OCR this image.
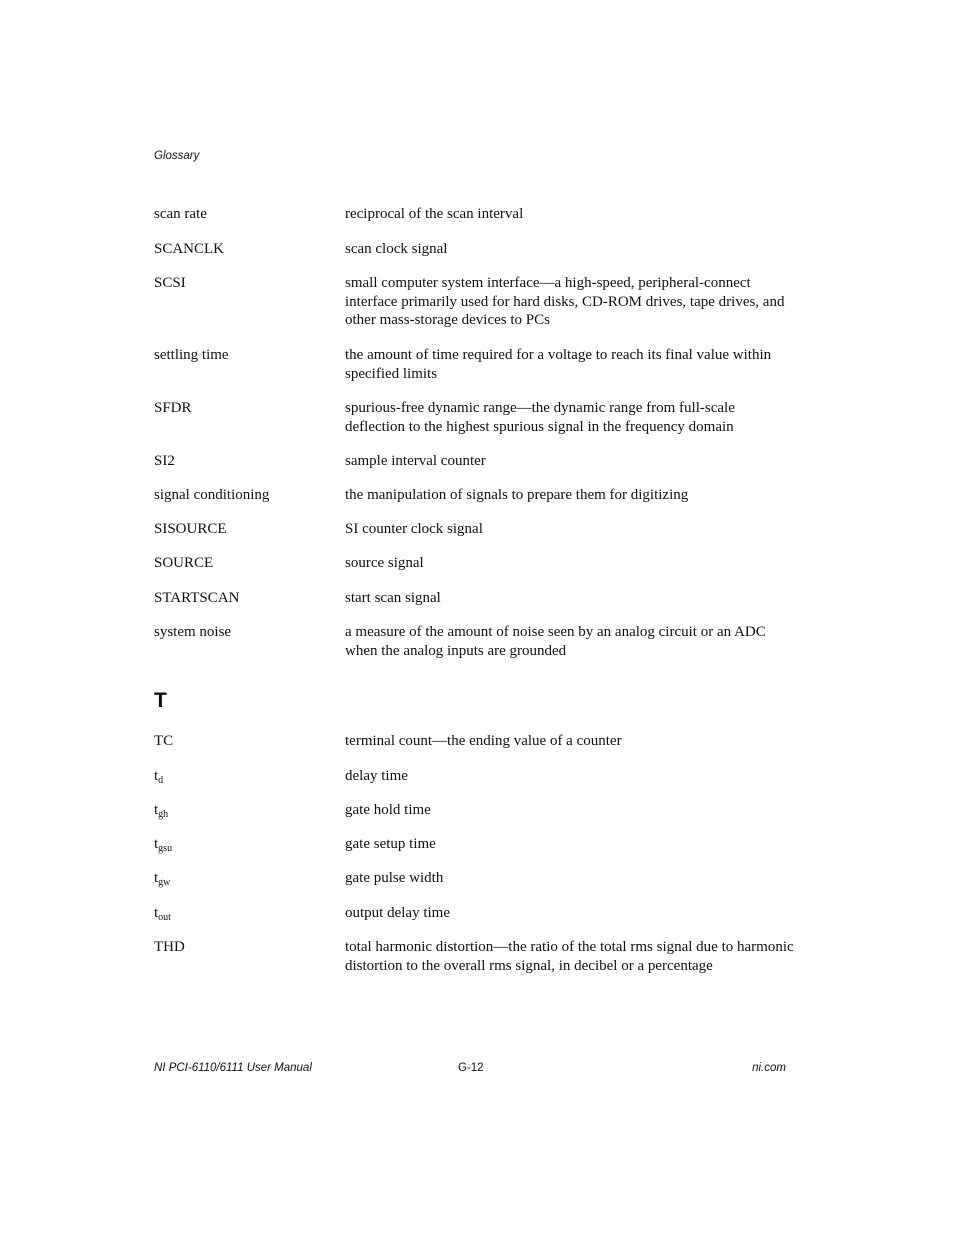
Glossary
scan rate	reciprocal of the scan interval
SCANCLK	scan clock signal
SCSI	small computer system interface—a high-speed, peripheral-connect interface primarily used for hard disks, CD-ROM drives, tape drives, and other mass-storage devices to PCs
settling time	the amount of time required for a voltage to reach its final value within specified limits
SFDR	spurious-free dynamic range—the dynamic range from full-scale deflection to the highest spurious signal in the frequency domain
SI2	sample interval counter
signal conditioning	the manipulation of signals to prepare them for digitizing
SISOURCE	SI counter clock signal
SOURCE	source signal
STARTSCAN	start scan signal
system noise	a measure of the amount of noise seen by an analog circuit or an ADC when the analog inputs are grounded
T
TC	terminal count—the ending value of a counter
$t_d$	delay time
$t_{gh}$	gate hold time
$t_{gsu}$	gate setup time
$t_{gw}$	gate pulse width
$t_{out}$	output delay time
THD	total harmonic distortion—the ratio of the total rms signal due to harmonic distortion to the overall rms signal, in decibel or a percentage
NI PCI-6110/6111 User Manual	G-12	ni.com
